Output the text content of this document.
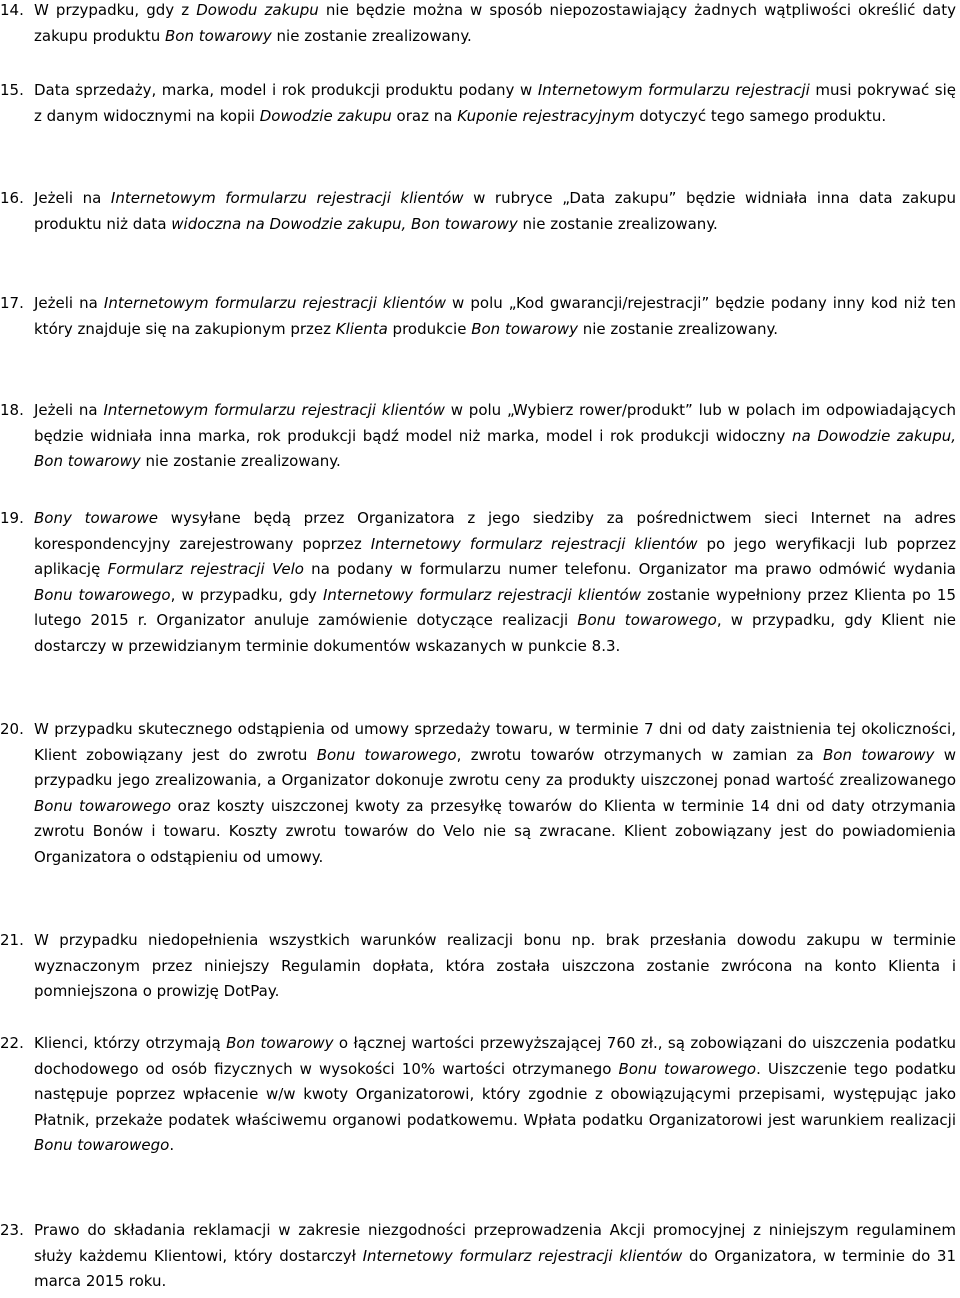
14. W przypadku, gdy z Dowodu zakupu nie będzie można w sposób niepozostawiający żadnych wątpliwości określić daty zakupu produktu Bon towarowy nie zostanie zrealizowany.
15. Data sprzedaży, marka, model i rok produkcji produktu podany w Internetowym formularzu rejestracji musi pokrywać się z danym widocznymi na kopii Dowodzie zakupu oraz na Kuponie rejestracyjnym dotyczyć tego samego produktu.
16. Jeżeli na Internetowym formularzu rejestracji klientów w rubryce „Data zakupu” będzie widniała inna data zakupu produktu niż data widoczna na Dowodzie zakupu, Bon towarowy nie zostanie zrealizowany.
17. Jeżeli na Internetowym formularzu rejestracji klientów w polu „Kod gwarancji/rejestracji” będzie podany inny kod niż ten który znajduje się na zakupionym przez Klienta produkcie Bon towarowy nie zostanie zrealizowany.
18. Jeżeli na Internetowym formularzu rejestracji klientów w polu „Wybierz rower/produkt” lub w polach im odpowiadających będzie widniała inna marka, rok produkcji bądź model niż marka, model i rok produkcji widoczny na Dowodzie zakupu, Bon towarowy nie zostanie zrealizowany.
19. Bony towarowe wysyłane będą przez Organizatora z jego siedziby za pośrednictwem sieci Internet na adres korespondencyjny zarejestrowany poprzez Internetowy formularz rejestracji klientów po jego weryfikacji lub poprzez aplikację Formularz rejestracji Velo na podany w formularzu numer telefonu. Organizator ma prawo odmówić wydania Bonu towarowego, w przypadku, gdy Internetowy formularz rejestracji klientów zostanie wypełniony przez Klienta po 15 lutego 2015 r. Organizator anuluje zamówienie dotyczące realizacji Bonu towarowego, w przypadku, gdy Klient nie dostarczy w przewidzianym terminie dokumentów wskazanych w punkcie 8.3.
20. W przypadku skutecznego odstąpienia od umowy sprzedaży towaru, w terminie 7 dni od daty zaistnienia tej okoliczności, Klient zobowiązany jest do zwrotu Bonu towarowego, zwrotu towarów otrzymanych w zamian za Bon towarowy w przypadku jego zrealizowania, a Organizator dokonuje zwrotu ceny za produkty uiszczonej ponad wartość zrealizowanego Bonu towarowego oraz koszty uiszczonej kwoty za przesyłkę towarów do Klienta w terminie 14 dni od daty otrzymania zwrotu Bonów i towaru. Koszty zwrotu towarów do Velo nie są zwracane. Klient zobowiązany jest do powiadomienia Organizatora o odstąpieniu od umowy.
21. W przypadku niedopełnienia wszystkich warunków realizacji bonu np. brak przesłania dowodu zakupu w terminie wyznaczonym przez niniejszy Regulamin dopłata, która została uiszczona zostanie zwrócona na konto Klienta i pomniejszona o prowizję DotPay.
22. Klienci, którzy otrzymają Bon towarowy o łącznej wartości przewyższającej 760 zł., są zobowiązani do uiszczenia podatku dochodowego od osób fizycznych w wysokości 10% wartości otrzymanego Bonu towarowego. Uiszczenie tego podatku następuje poprzez wpłacenie w/w kwoty Organizatorowi, który zgodnie z obowiązującymi przepisami, występując jako Płatnik, przekaże podatek właściwemu organowi podatkowemu. Wpłata podatku Organizatorowi jest warunkiem realizacji Bonu towarowego.
23. Prawo do składania reklamacji w zakresie niezgodności przeprowadzenia Akcji promocyjnej z niniejszym regulaminem służy każdemu Klientowi, który dostarczył Internetowy formularz rejestracji klientów do Organizatora, w terminie do 31 marca 2015 roku.
